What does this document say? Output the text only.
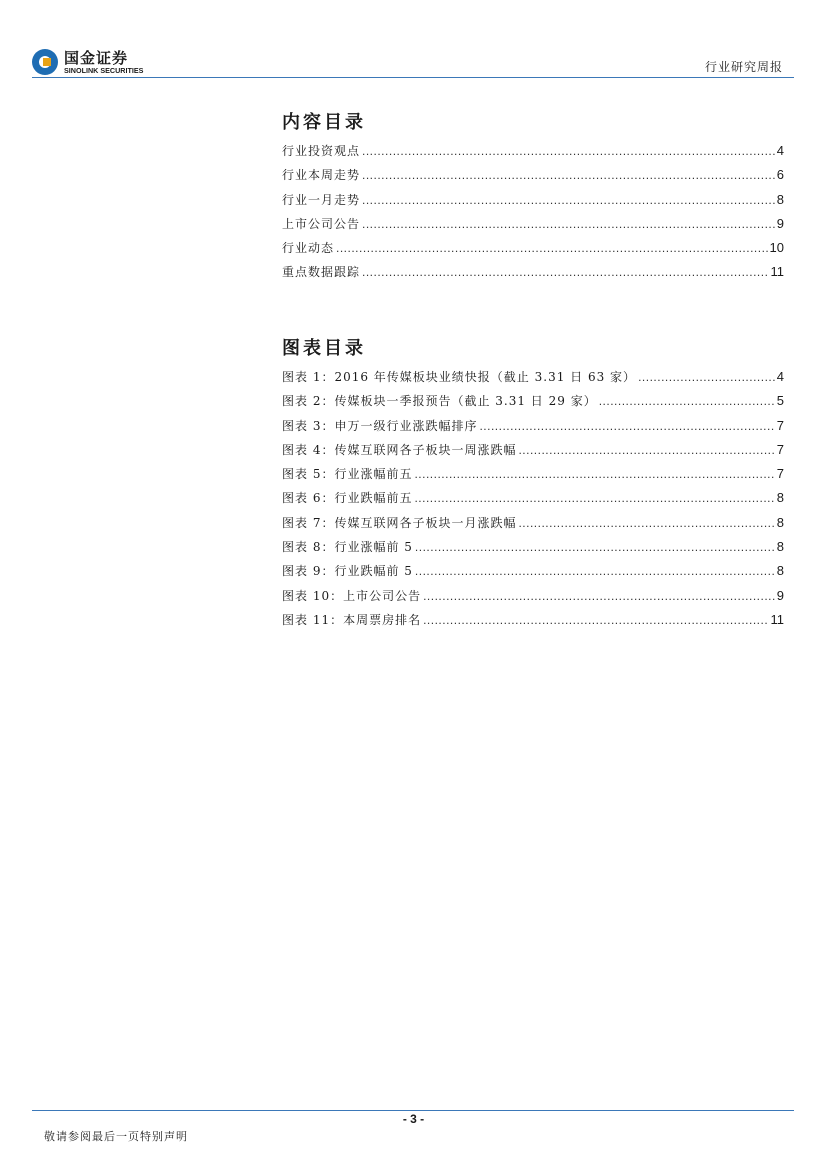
国金证券
SINOLINK SECURITIES	行业研究周报
内容目录
行业投资观点 .....	4
行业本周走势 .....	6
行业一月走势 .....	8
上市公司公告 .....	9
行业动态 .....	10
重点数据跟踪 .....	11
图表目录
图表 1：2016 年传媒板块业绩快报（截止 3.31 日 63 家） .....	4
图表 2：传媒板块一季报预告（截止 3.31 日 29 家） .....	5
图表 3：申万一级行业涨跌幅排序 .....	7
图表 4：传媒互联网各子板块一周涨跌幅 .....	7
图表 5：行业涨幅前五 .....	7
图表 6：行业跌幅前五 .....	8
图表 7：传媒互联网各子板块一月涨跌幅 .....	8
图表 8：行业涨幅前 5 .....	8
图表 9：行业跌幅前 5 .....	8
图表 10：上市公司公告 .....	9
图表 11：本周票房排名 .....	11
- 3 -
敬请参阅最后一页特别声明
